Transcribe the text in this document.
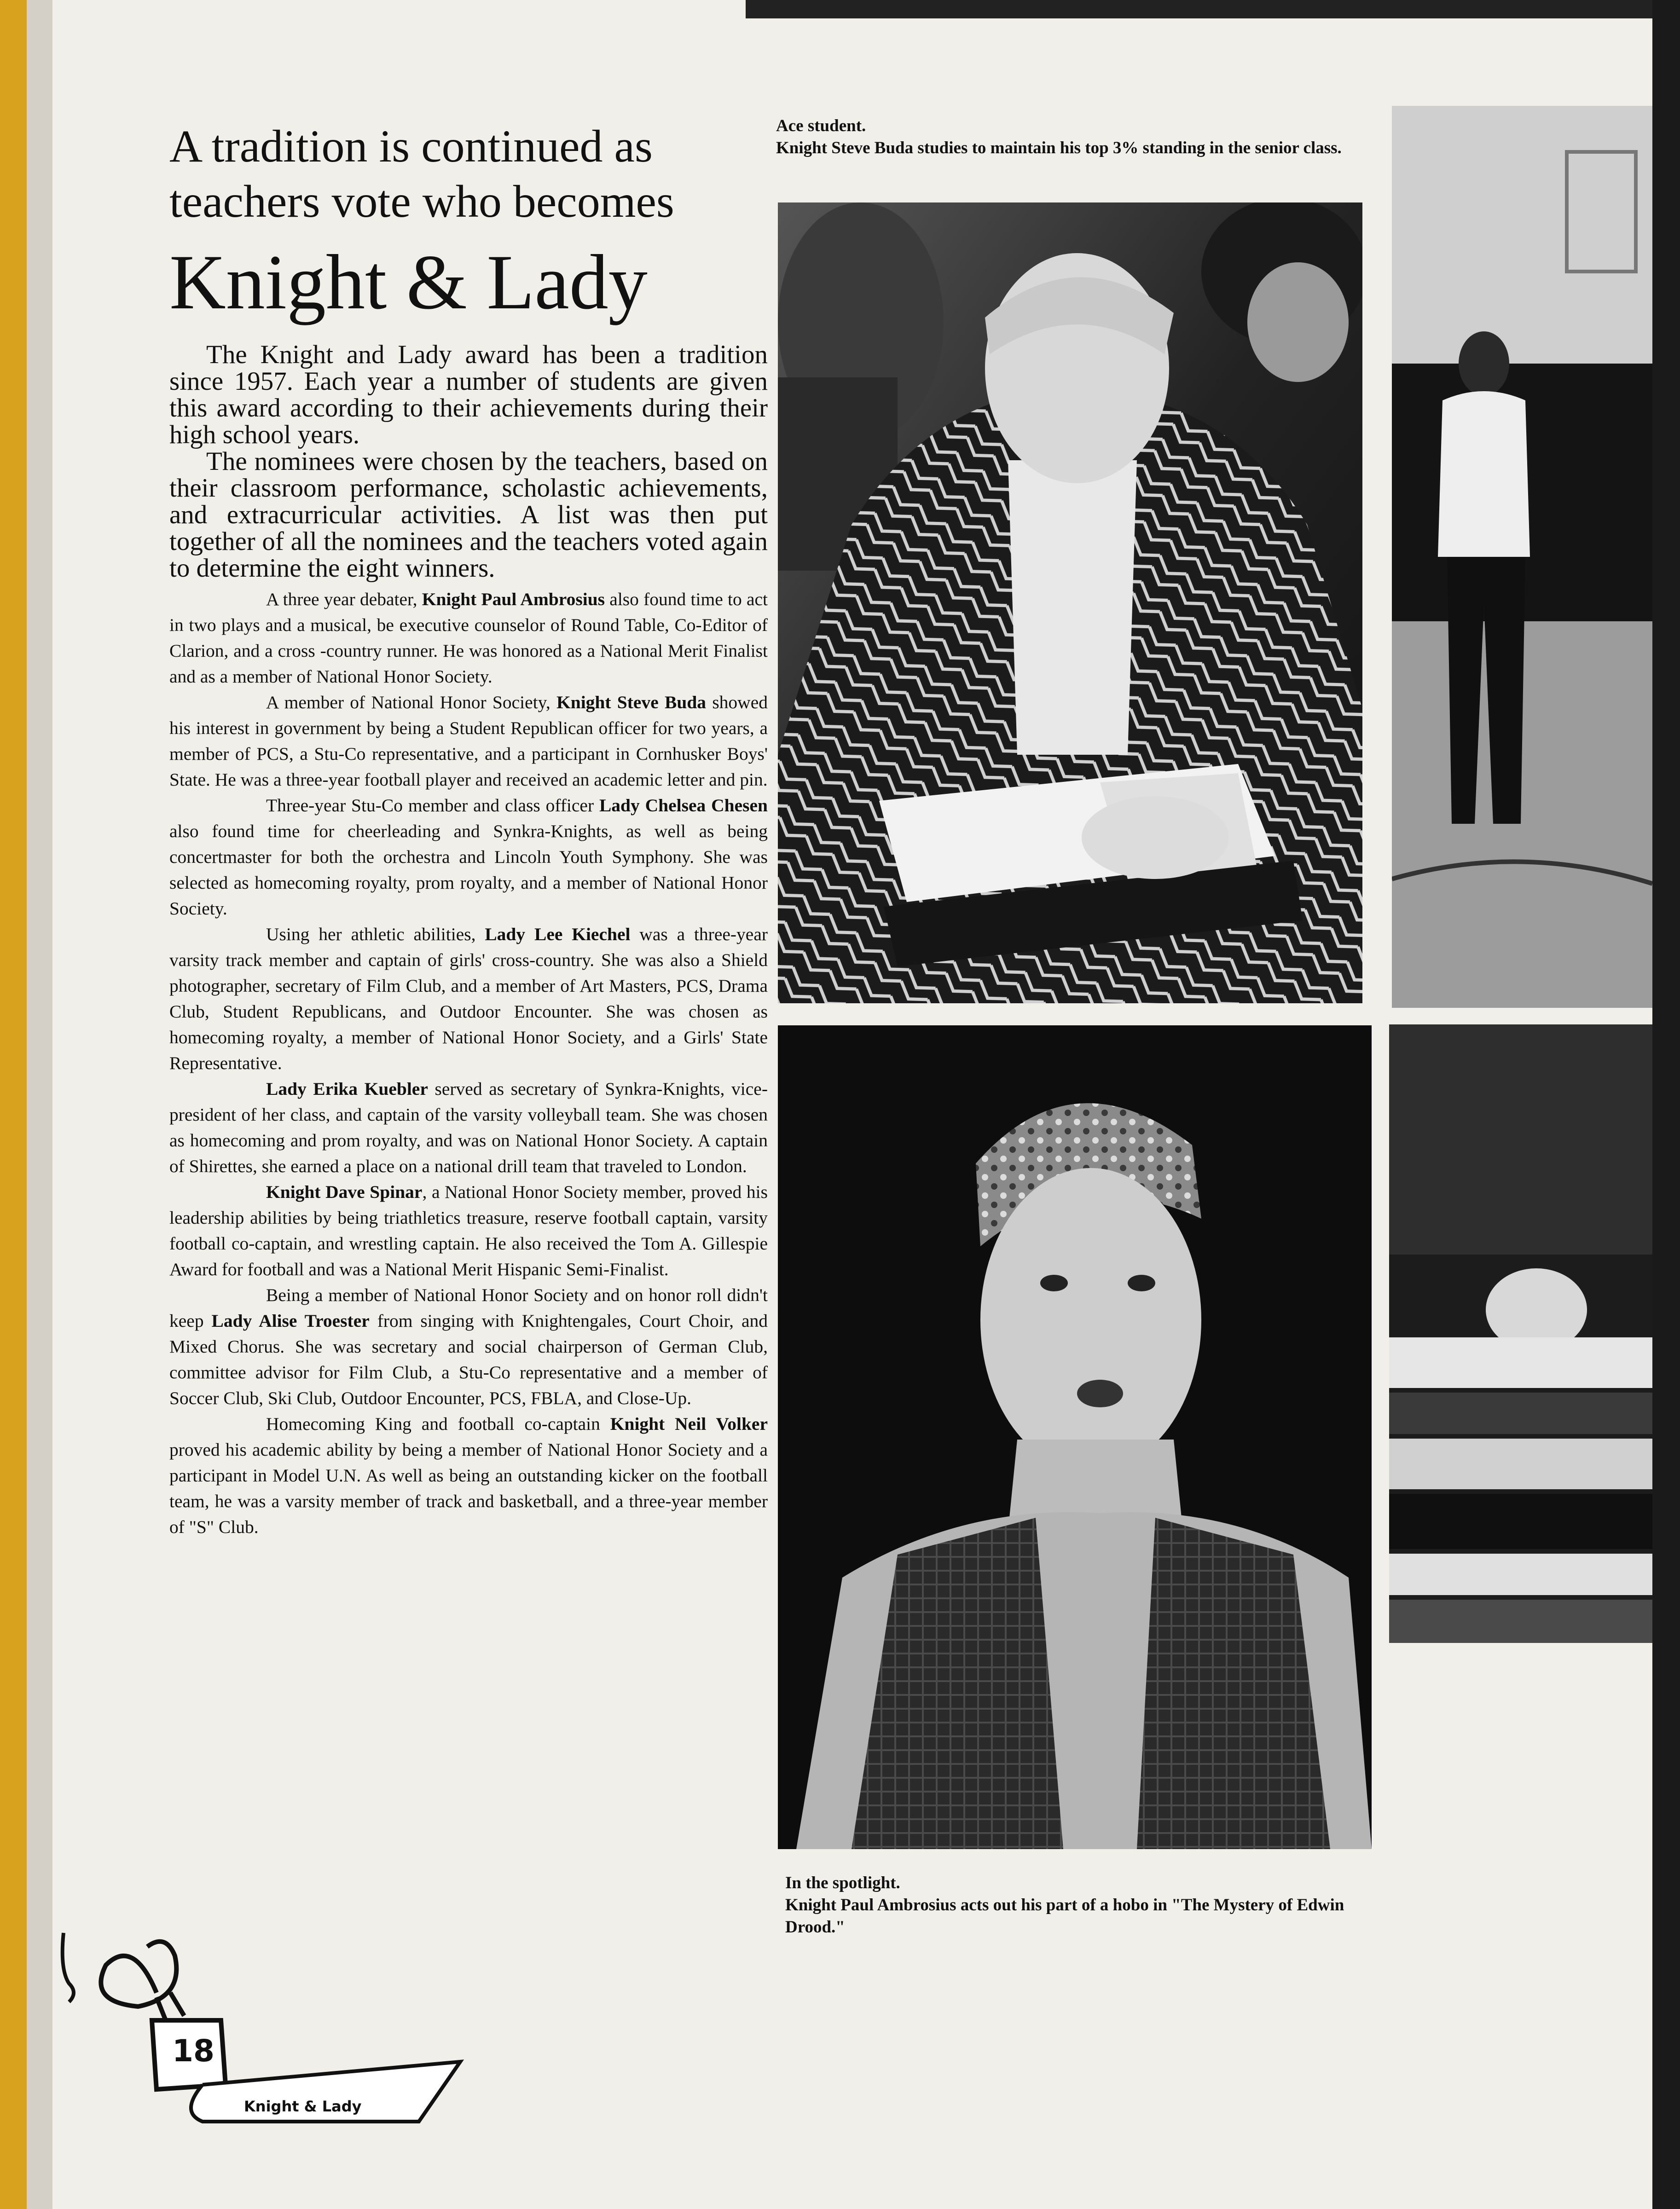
A tradition is continued as
teachers vote who becomes
Knight & Lady

The Knight and Lady award has been a tradition since 1957. Each year a number of students are given this award according to their achievements during their high school years.

The nominees were chosen by the teachers, based on their classroom performance, scholastic achievements, and extracurricular activities. A list was then put together of all the nominees and the teachers voted again to determine the eight winners.

A three year debater, Knight Paul Ambrosius also found time to act in two plays and a musical, be executive counselor of Round Table, Co-Editor of Clarion, and a cross -country runner. He was honored as a National Merit Finalist and as a member of National Honor Society.

A member of National Honor Society, Knight Steve Buda showed his interest in government by being a Student Republican officer for two years, a member of PCS, a Stu-Co representative, and a participant in Cornhusker Boys' State. He was a three-year football player and received an academic letter and pin.

Three-year Stu-Co member and class officer Lady Chelsea Chesen also found time for cheerleading and Synkra-Knights, as well as being concertmaster for both the orchestra and Lincoln Youth Symphony. She was selected as homecoming royalty, prom royalty, and a member of National Honor Society.

Using her athletic abilities, Lady Lee Kiechel was a three-year varsity track member and captain of girls' cross-country. She was also a Shield photographer, secretary of Film Club, and a member of Art Masters, PCS, Drama Club, Student Republicans, and Outdoor Encounter. She was chosen as homecoming royalty, a member of National Honor Society, and a Girls' State Representative.

Lady Erika Kuebler served as secretary of Synkra-Knights, vice-president of her class, and captain of the varsity volleyball team. She was chosen as homecoming and prom royalty, and was on National Honor Society. A captain of Shirettes, she earned a place on a national drill team that traveled to London.

Knight Dave Spinar, a National Honor Society member, proved his leadership abilities by being triathletics treasure, reserve football captain, varsity football co-captain, and wrestling captain. He also received the Tom A. Gillespie Award for football and was a National Merit Hispanic Semi-Finalist.

Being a member of National Honor Society and on honor roll didn't keep Lady Alise Troester from singing with Knightengales, Court Choir, and Mixed Chorus. She was secretary and social chairperson of German Club, committee advisor for Film Club, a Stu-Co representative and a member of Soccer Club, Ski Club, Outdoor Encounter, PCS, FBLA, and Close-Up.

Homecoming King and football co-captain Knight Neil Volker proved his academic ability by being a member of National Honor Society and a participant in Model U.N. As well as being an outstanding kicker on the football team, he was a varsity member of track and basketball, and a three-year member of "S" Club.

Ace student.
Knight Steve Buda studies to maintain his top 3% standing in the senior class.
In the spotlight.
Knight Paul Ambrosius acts out his part of a hobo in "The Mystery of Edwin Drood."
18
Knight & Lady
